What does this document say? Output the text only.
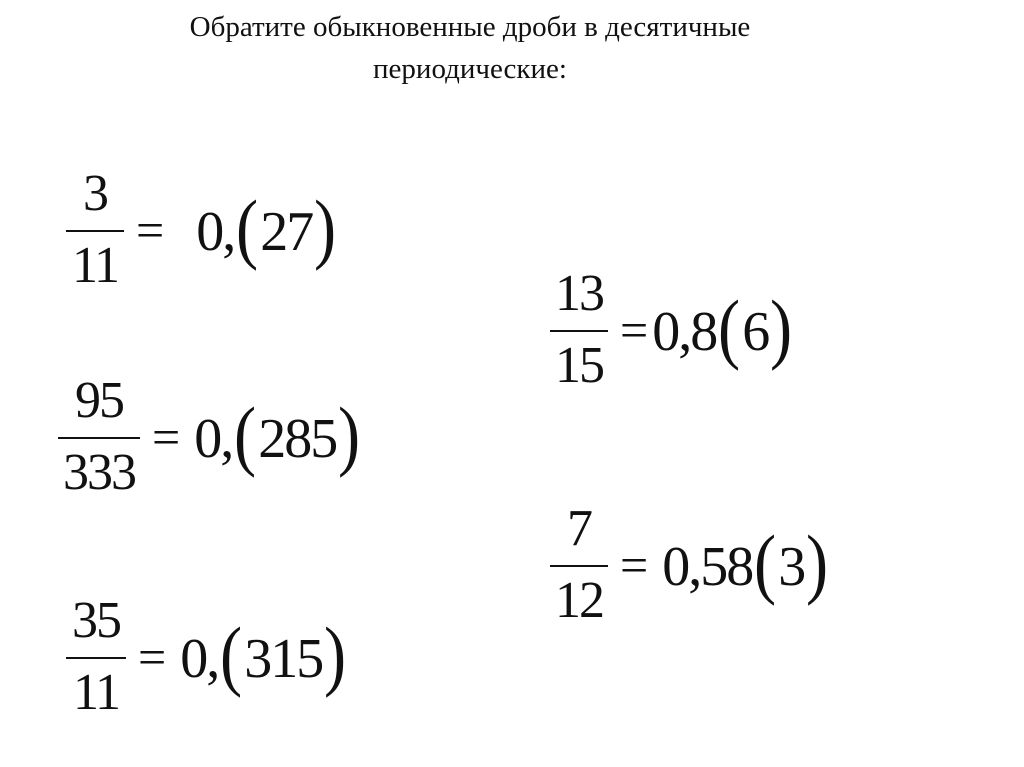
Обратите обыкновенные дроби в десятичные
периодические:
$\frac{3}{11} = 0,(27)$
$\frac{95}{333} = 0,(285)$
$\frac{35}{11} = 0,(315)$
$\frac{13}{15} = 0,8(6)$
$\frac{7}{12} = 0,58(3)$
